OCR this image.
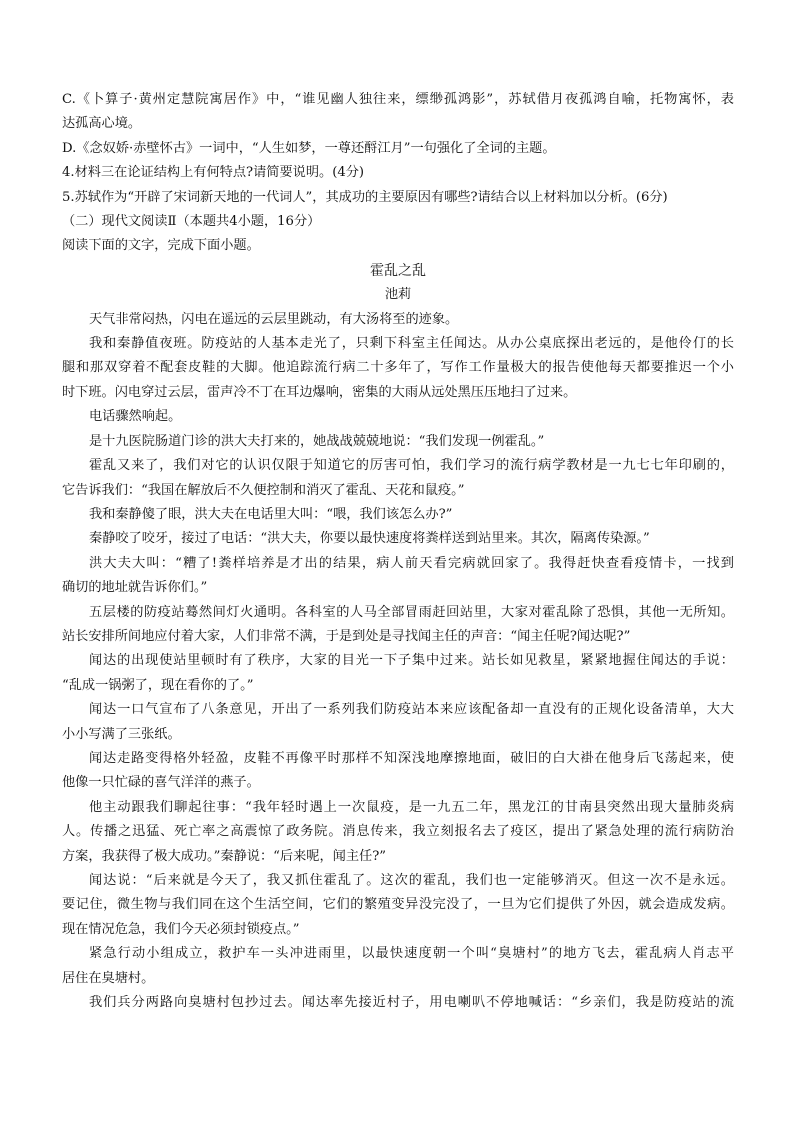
C.《卜算子·黄州定慧院寓居作》中，“谁见幽人独往来，缥缈孤鸿影”，苏轼借月夜孤鸿自喻，托物寓怀，表
达孤高心境。
D.《念奴娇·赤壁怀古》一词中，“人生如梦，一尊还酹江月”一句强化了全词的主题。
4.材料三在论证结构上有何特点?请简要说明。(4分)
5.苏轼作为“开辟了宋词新天地的一代词人”，其成功的主要原因有哪些?请结合以上材料加以分析。(6分)
（二）现代文阅读Ⅱ（本题共4小题，16分）
阅读下面的文字，完成下面小题。
霍乱之乱
池莉
天气非常闷热，闪电在遥远的云层里跳动，有大汤将至的迹象。
我和秦静值夜班。防疫站的人基本走光了，只剩下科室主任闻达。从办公桌底探出老远的，是他伶仃的长
腿和那双穿着不配套皮鞋的大脚。他追踪流行病二十多年了，写作工作量极大的报告使他每天都要推迟一个小
时下班。闪电穿过云层，雷声冷不丁在耳边爆响，密集的大雨从远处黑压压地扫了过来。
电话骤然响起。
是十九医院肠道门诊的洪大夫打来的，她战战兢兢地说：“我们发现一例霍乱。”
霍乱又来了，我们对它的认识仅限于知道它的厉害可怕，我们学习的流行病学教材是一九七七年印刷的，
它告诉我们：“我国在解放后不久便控制和消灭了霍乱、天花和鼠疫。”
我和秦静傻了眼，洪大夫在电话里大叫：“喂，我们该怎么办?”
秦静咬了咬牙，接过了电话：“洪大夫，你要以最快速度将粪样送到站里来。其次，隔离传染源。”
洪大夫大叫：“糟了!粪样培养是才出的结果，病人前天看完病就回家了。我得赶快查看疫情卡，一找到
确切的地址就告诉你们。”
五层楼的防疫站蓦然间灯火通明。各科室的人马全部冒雨赶回站里，大家对霍乱除了恐惧，其他一无所知。
站长安排所间地应付着大家，人们非常不满，于是到处是寻找闻主任的声音：“闻主任呢?闻达呢?”
闻达的出现使站里顿时有了秩序，大家的目光一下子集中过来。站长如见救星，紧紧地握住闻达的手说：
“乱成一锅粥了，现在看你的了。”
闻达一口气宣布了八条意见，开出了一系列我们防疫站本来应该配备却一直没有的正规化设备清单，大大
小小写满了三张纸。
闻达走路变得格外轻盈，皮鞋不再像平时那样不知深浅地摩擦地面，破旧的白大褂在他身后飞荡起来，使
他像一只忙碌的喜气洋洋的燕子。
他主动跟我们聊起往事：“我年轻时遇上一次鼠疫，是一九五二年，黑龙江的甘南县突然出现大量肺炎病
人。传播之迅猛、死亡率之高震惊了政务院。消息传来，我立刻报名去了疫区，提出了紧急处理的流行病防治
方案，我获得了极大成功。”秦静说：“后来呢，闻主任?”
闻达说：“后来就是今天了，我又抓住霍乱了。这次的霍乱，我们也一定能够消灭。但这一次不是永远。
要记住，微生物与我们同在这个生活空间，它们的繁殖变异没完没了，一旦为它们提供了外因，就会造成发病。
现在情况危急，我们今天必须封锁疫点。”
紧急行动小组成立，救护车一头冲进雨里，以最快速度朝一个叫“臭塘村”的地方飞去，霍乱病人肖志平
居住在臭塘村。
我们兵分两路向臭塘村包抄过去。闻达率先接近村子，用电喇叭不停地喊话：“乡亲们，我是防疫站的流
